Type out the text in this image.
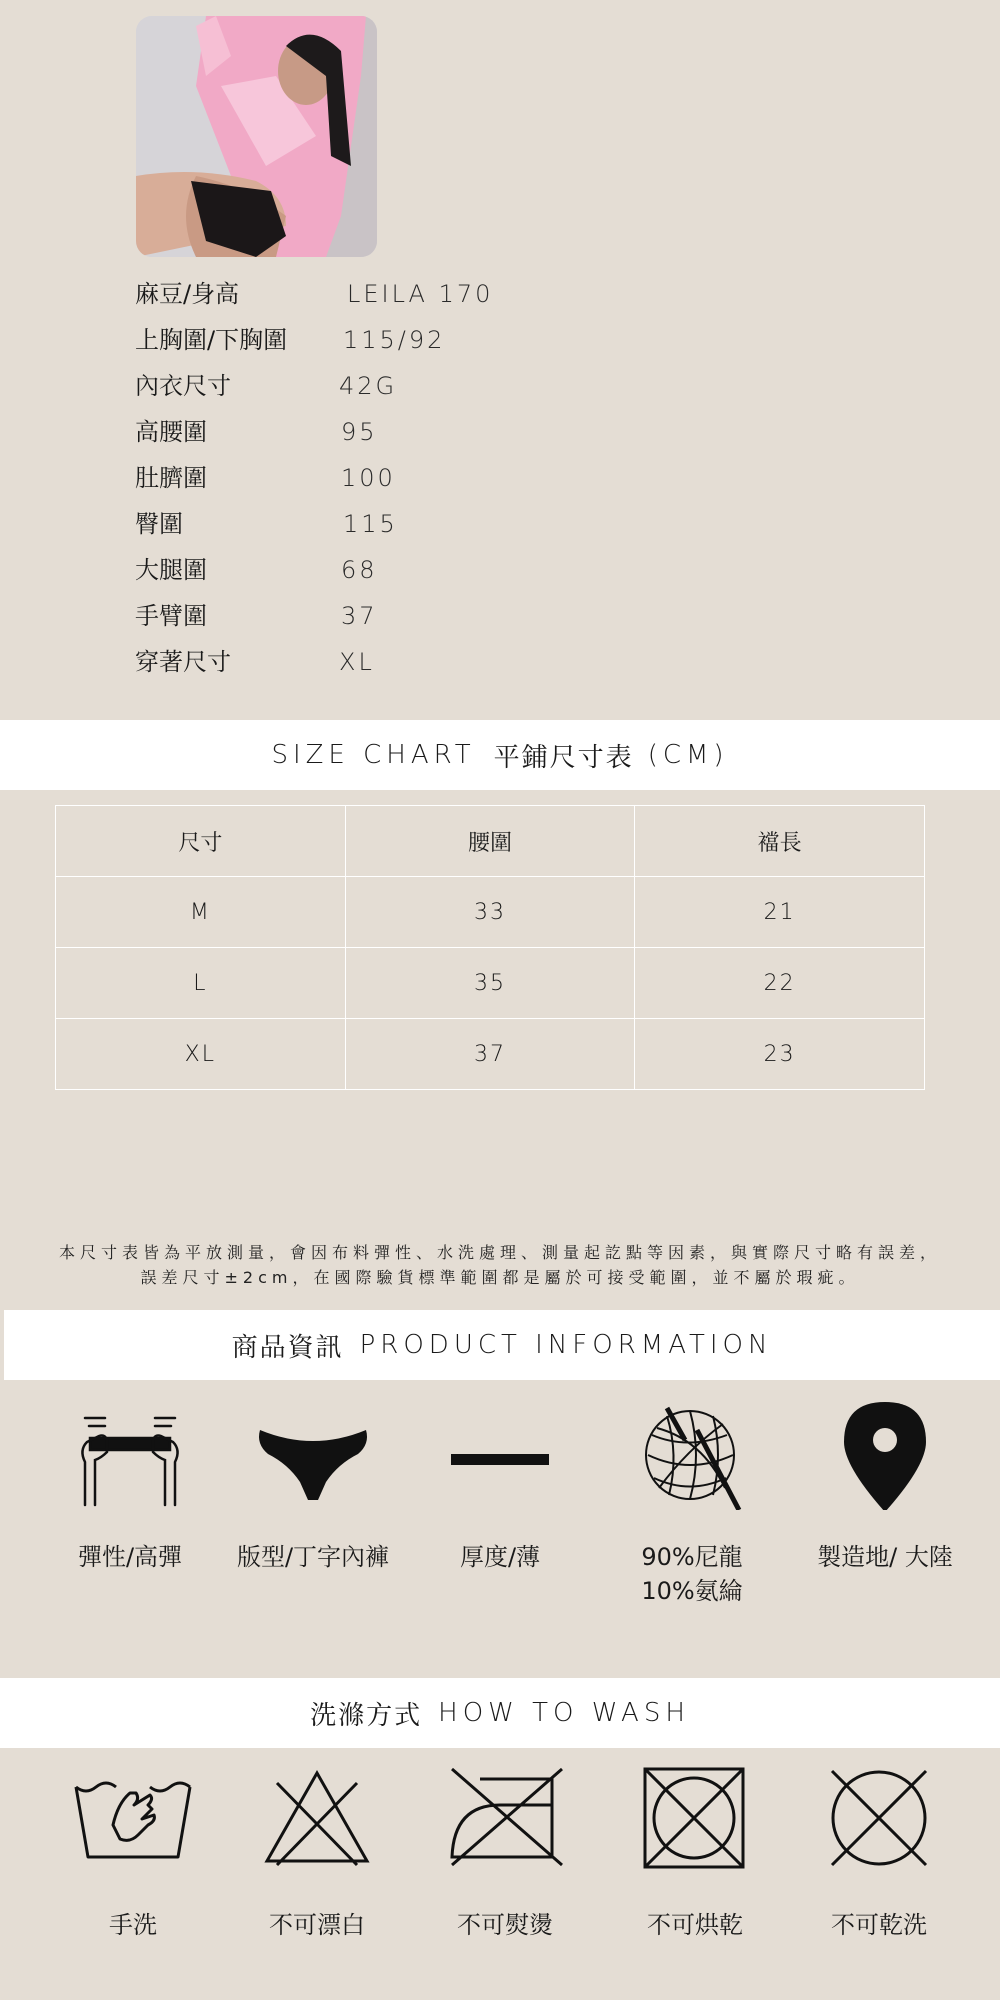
麻豆/身高	LEILA 170
上胸圍/下胸圍 115/92
內衣尺寸	42G
高腰圍	95
肚臍圍	100
臀圍	115
大腿圍	68
手臂圍	37
穿著尺寸	XL
SIZE CHART 平鋪尺寸表 (CM)
尺寸	腰圍	襠長
M	33	21
L	35	22
XL	37	23
本尺寸表皆為平放測量，會因布料彈性、水洗處理、測量起訖點等因素，與實際尺寸略有誤差，
誤差尺寸±2cm，在國際驗貨標準範圍都是屬於可接受範圍，並不屬於瑕疵。
商品資訊 PRODUCT INFORMATION
彈性/高彈	版型/丁字內褲	厚度/薄	90%尼龍
10%氨綸
製造地/ 大陸
洗滌方式 HOW TO WASH
手洗	不可漂白	不可熨燙	不可烘乾	不可乾洗
